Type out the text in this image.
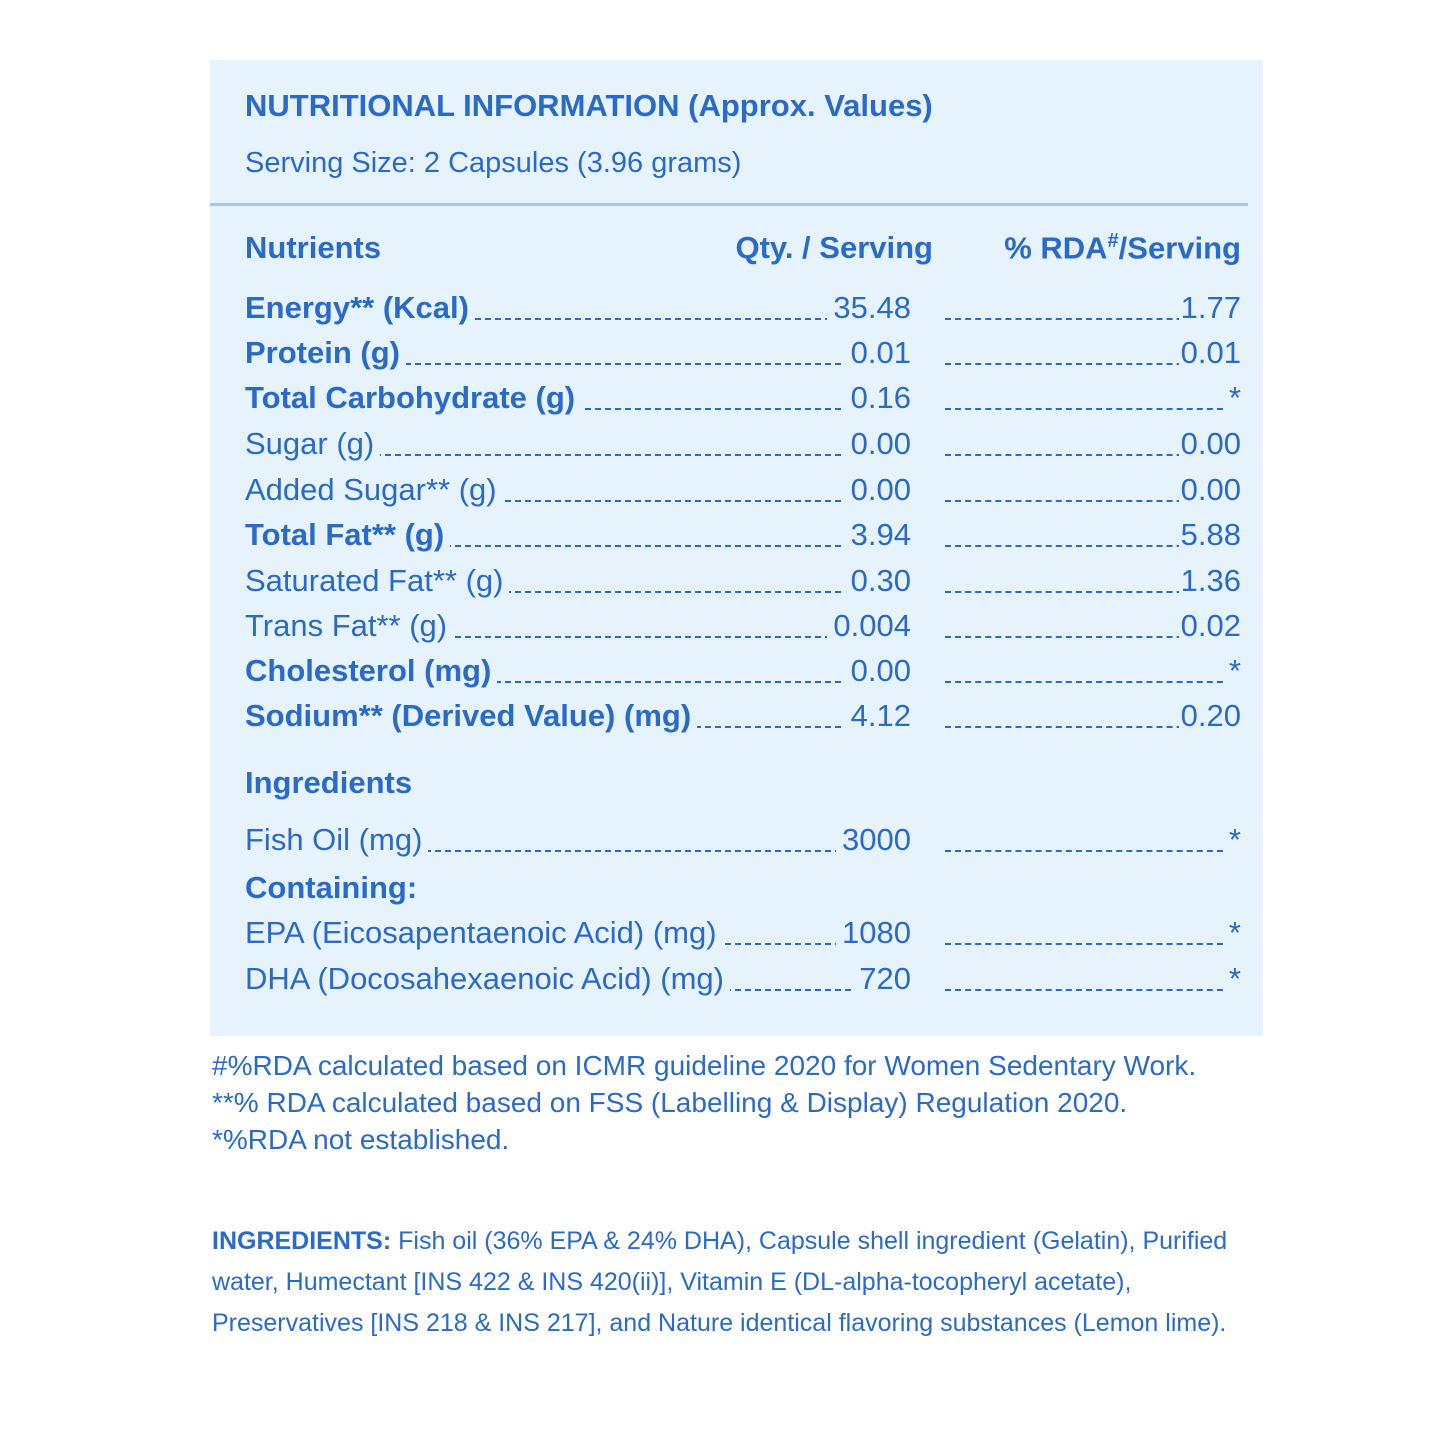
NUTRITIONAL INFORMATION (Approx. Values)
Serving Size: 2 Capsules (3.96 grams)
Nutrients	Qty. / Serving % RDA#/Serving
Energy** (Kcal)	35.48	1.77
Protein (g)	0.01	0.01
Total Carbohydrate (g)	0.16	*
Sugar (g)	0.00	0.00
Added Sugar** (g)	0.00	0.00
Total Fat** (g)	3.94	5.88
Saturated Fat** (g)	0.30	1.36
Trans Fat** (g)	0.004	0.02
Cholesterol (mg)	0.00	*
Sodium** (Derived Value) (mg)	4.12	0.20
Ingredients
Fish Oil (mg)	3000	*
Containing:
EPA (Eicosapentaenoic Acid) (mg)	1080	*
DHA (Docosahexaenoic Acid) (mg)	720	*
#%RDA calculated based on ICMR guideline 2020 for Women Sedentary Work.
**% RDA calculated based on FSS (Labelling & Display) Regulation 2020.
*%RDA not established.
INGREDIENTS: Fish oil (36% EPA & 24% DHA), Capsule shell ingredient (Gelatin), Purified water, Humectant [INS 422 & INS 420(ii)], Vitamin E (DL-alpha-tocopheryl acetate), Preservatives [INS 218 & INS 217], and Nature identical flavoring substances (Lemon lime).
